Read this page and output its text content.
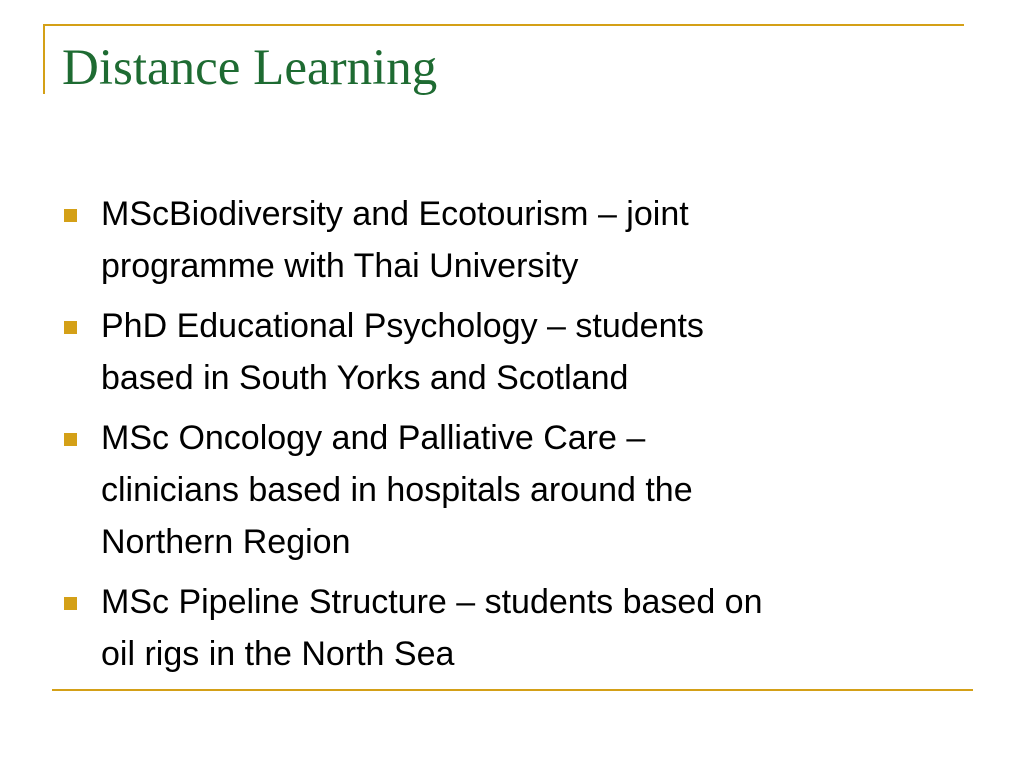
Distance Learning
MScBiodiversity and Ecotourism – joint
programme with Thai University
PhD Educational Psychology – students
based in South Yorks and Scotland
MSc Oncology and Palliative Care –
clinicians based in hospitals around the
Northern Region
MSc Pipeline Structure – students based on
oil rigs in the North Sea
